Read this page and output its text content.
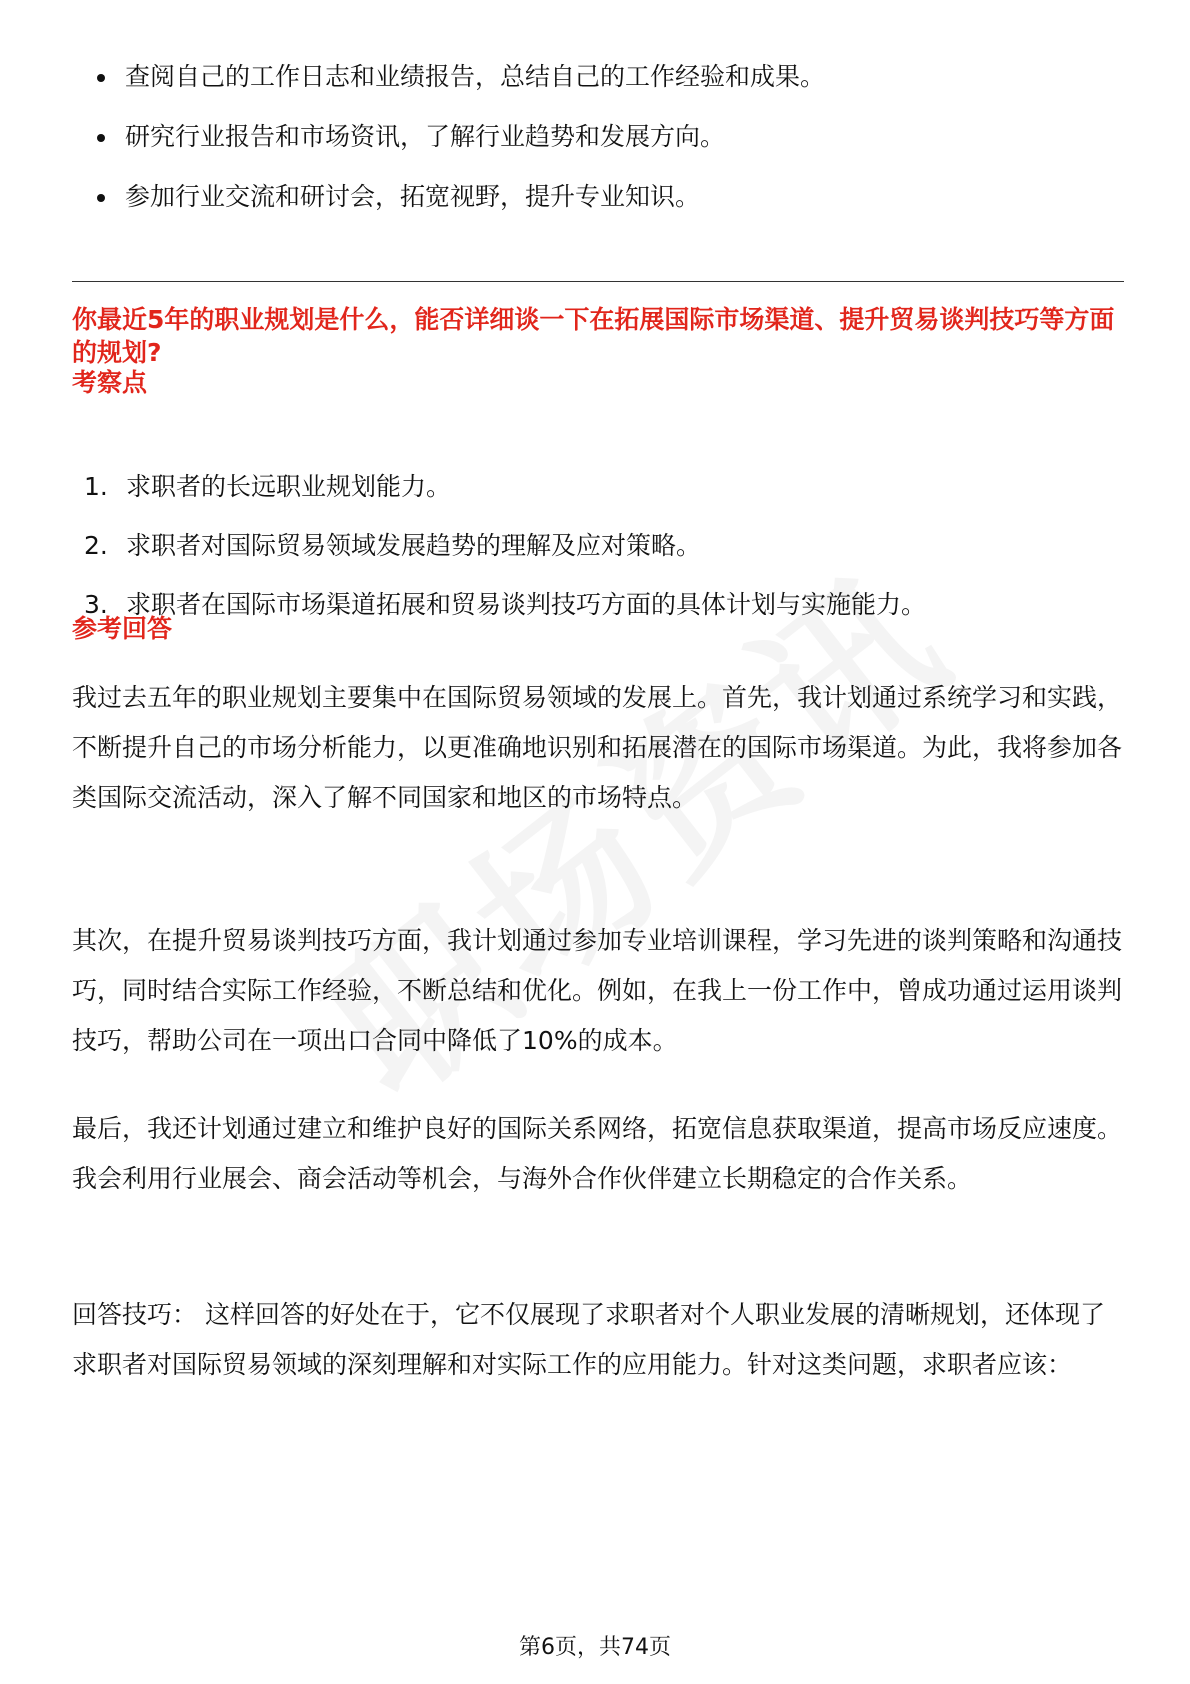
查阅自己的工作日志和业绩报告，总结自己的工作经验和成果。
研究行业报告和市场资讯，了解行业趋势和发展方向。
参加行业交流和研讨会，拓宽视野，提升专业知识。
你最近5年的职业规划是什么，能否详细谈一下在拓展国际市场渠道、提升贸易谈判技巧等方面的规划?
考察点
1. 求职者的长远职业规划能力。
2. 求职者对国际贸易领域发展趋势的理解及应对策略。
3. 求职者在国际市场渠道拓展和贸易谈判技巧方面的具体计划与实施能力。
参考回答

我过去五年的职业规划主要集中在国际贸易领域的发展上。首先，我计划通过系统学习和实践，不断提升自己的市场分析能力，以更准确地识别和拓展潜在的国际市场渠道。为此，我将参加各类国际交流活动，深入了解不同国家和地区的市场特点。

其次，在提升贸易谈判技巧方面，我计划通过参加专业培训课程，学习先进的谈判策略和沟通技巧，同时结合实际工作经验，不断总结和优化。例如，在我上一份工作中，曾成功通过运用谈判技巧，帮助公司在一项出口合同中降低了10%的成本。

最后，我还计划通过建立和维护良好的国际关系网络，拓宽信息获取渠道，提高市场反应速度。我会利用行业展会、商会活动等机会，与海外合作伙伴建立长期稳定的合作关系。

回答技巧： 这样回答的好处在于，它不仅展现了求职者对个人职业发展的清晰规划，还体现了求职者对国际贸易领域的深刻理解和对实际工作的应用能力。针对这类问题，求职者应该：

第6页，共74页
